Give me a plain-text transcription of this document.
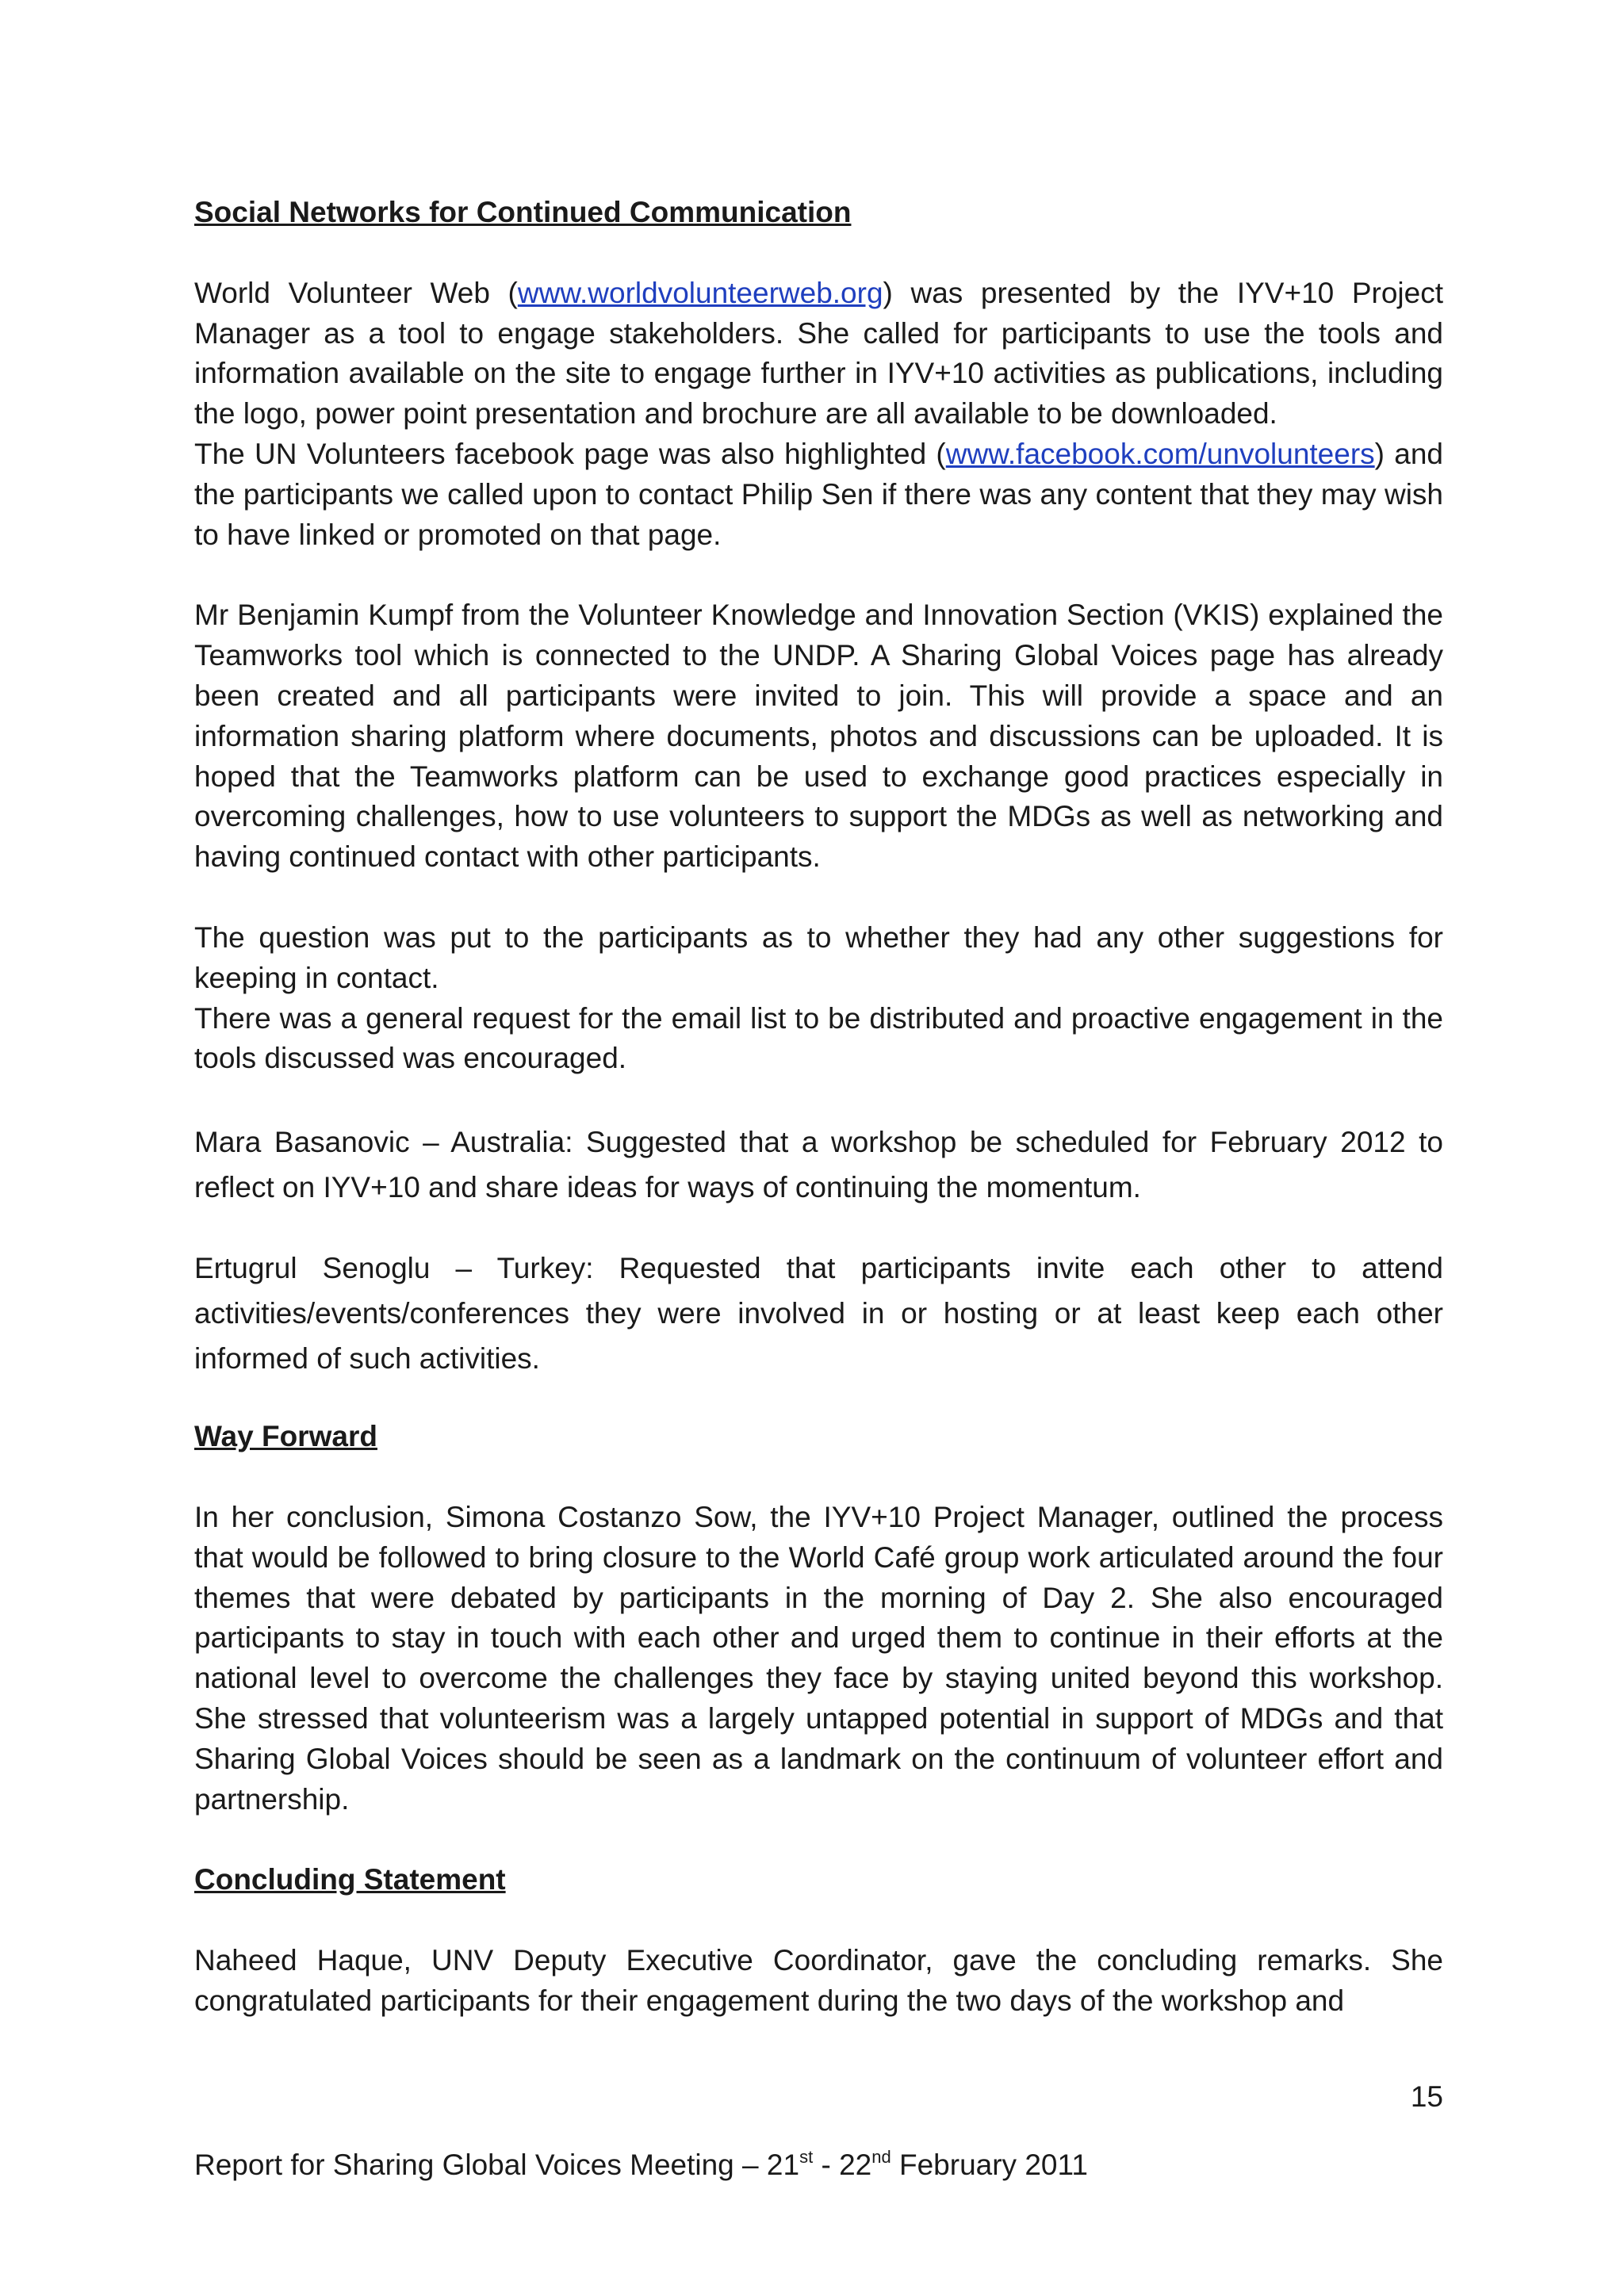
Social Networks for Continued Communication

World Volunteer Web (www.worldvolunteerweb.org) was presented by the IYV+10 Project Manager as a tool to engage stakeholders. She called for participants to use the tools and information available on the site to engage further in IYV+10 activities as publications, including the logo, power point presentation and brochure are all available to be downloaded.

The UN Volunteers facebook page was also highlighted (www.facebook.com/unvolunteers) and the participants we called upon to contact Philip Sen if there was any content that they may wish to have linked or promoted on that page.

Mr Benjamin Kumpf from the Volunteer Knowledge and Innovation Section (VKIS) explained the Teamworks tool which is connected to the UNDP. A Sharing Global Voices page has already been created and all participants were invited to join. This will provide a space and an information sharing platform where documents, photos and discussions can be uploaded. It is hoped that the Teamworks platform can be used to exchange good practices especially in overcoming challenges, how to use volunteers to support the MDGs as well as networking and having continued contact with other participants.

The question was put to the participants as to whether they had any other suggestions for keeping in contact.

There was a general request for the email list to be distributed and proactive engagement in the tools discussed was encouraged.

Mara Basanovic – Australia: Suggested that a workshop be scheduled for February 2012 to reflect on IYV+10 and share ideas for ways of continuing the momentum.

Ertugrul Senoglu – Turkey: Requested that participants invite each other to attend activities/events/conferences they were involved in or hosting or at least keep each other informed of such activities.

Way Forward

In her conclusion, Simona Costanzo Sow, the IYV+10 Project Manager, outlined the process that would be followed to bring closure to the World Café group work articulated around the four themes that were debated by participants in the morning of Day 2. She also encouraged participants to stay in touch with each other and urged them to continue in their efforts at the national level to overcome the challenges they face by staying united beyond this workshop. She stressed that volunteerism was a largely untapped potential in support of MDGs and that Sharing Global Voices should be seen as a landmark on the continuum of volunteer effort and partnership.

Concluding Statement

Naheed Haque, UNV Deputy Executive Coordinator, gave the concluding remarks. She congratulated participants for their engagement during the two days of the workshop and

15
Report for Sharing Global Voices Meeting – 21st - 22nd February 2011
